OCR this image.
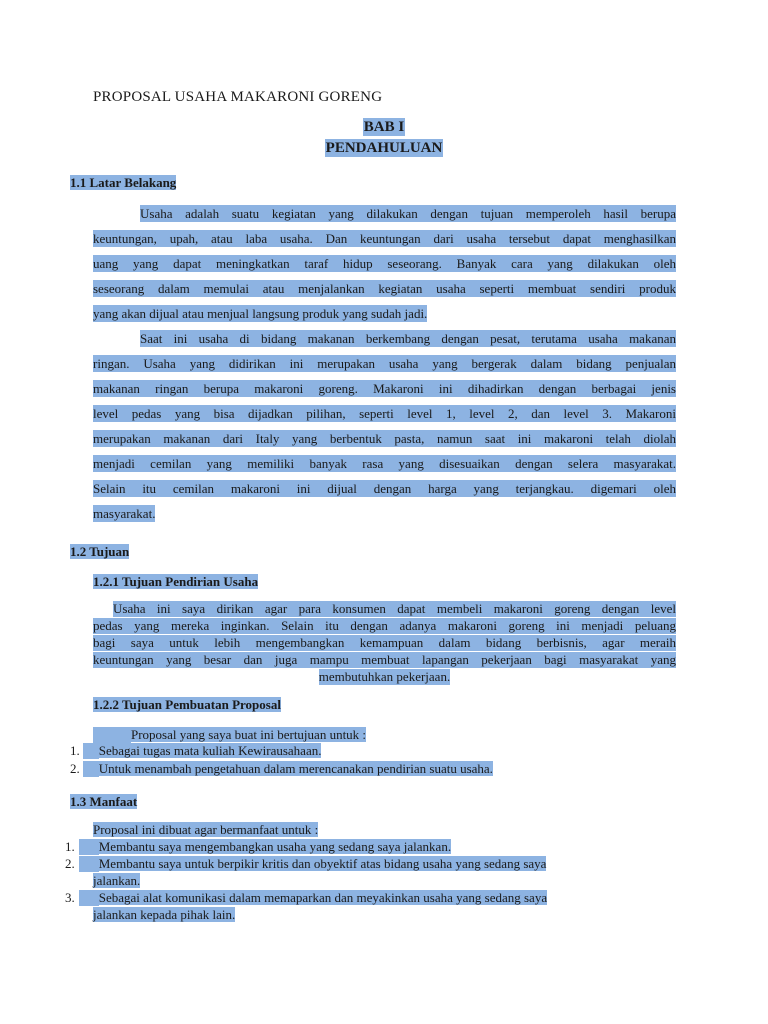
PROPOSAL USAHA MAKARONI GORENG
BAB I
PENDAHULUAN
1.1 Latar Belakang
Usaha adalah suatu kegiatan yang dilakukan dengan tujuan memperoleh hasil berupa
keuntungan, upah, atau laba usaha. Dan keuntungan dari usaha tersebut dapat menghasilkan
uang yang dapat meningkatkan taraf hidup seseorang. Banyak cara yang dilakukan oleh
seseorang dalam memulai atau menjalankan kegiatan usaha seperti membuat sendiri produk
yang akan dijual atau menjual langsung produk yang sudah jadi.
Saat ini usaha di bidang makanan berkembang dengan pesat, terutama usaha makanan
ringan. Usaha yang didirikan ini merupakan usaha yang bergerak dalam bidang penjualan
makanan ringan berupa makaroni goreng. Makaroni ini dihadirkan dengan berbagai jenis
level pedas yang bisa dijadkan pilihan, seperti level 1, level 2, dan level 3. Makaroni
merupakan makanan dari Italy yang berbentuk pasta, namun saat ini makaroni telah diolah
menjadi cemilan yang memiliki banyak rasa yang disesuaikan dengan selera masyarakat.
Selain itu cemilan makaroni ini dijual dengan harga yang terjangkau. digemari oleh
masyarakat.
1.2 Tujuan
1.2.1 Tujuan Pendirian Usaha
Usaha ini saya dirikan agar para konsumen dapat membeli makaroni goreng dengan level
pedas yang mereka inginkan. Selain itu dengan adanya makaroni goreng ini menjadi peluang
bagi saya untuk lebih mengembangkan kemampuan dalam bidang berbisnis, agar meraih
keuntungan yang besar dan juga mampu membuat lapangan pekerjaan bagi masyarakat yang
membutuhkan pekerjaan.
1.2.2 Tujuan Pembuatan Proposal
Proposal yang saya buat ini bertujuan untuk :
1. Sebagai tugas mata kuliah Kewirausahaan.
2. Untuk menambah pengetahuan dalam merencanakan pendirian suatu usaha.
1.3 Manfaat
Proposal ini dibuat agar bermanfaat untuk :
1. Membantu saya mengembangkan usaha yang sedang saya jalankan.
2. Membantu saya untuk berpikir kritis dan obyektif atas bidang usaha yang sedang saya
jalankan.
3. Sebagai alat komunikasi dalam memaparkan dan meyakinkan usaha yang sedang saya
jalankan kepada pihak lain.
